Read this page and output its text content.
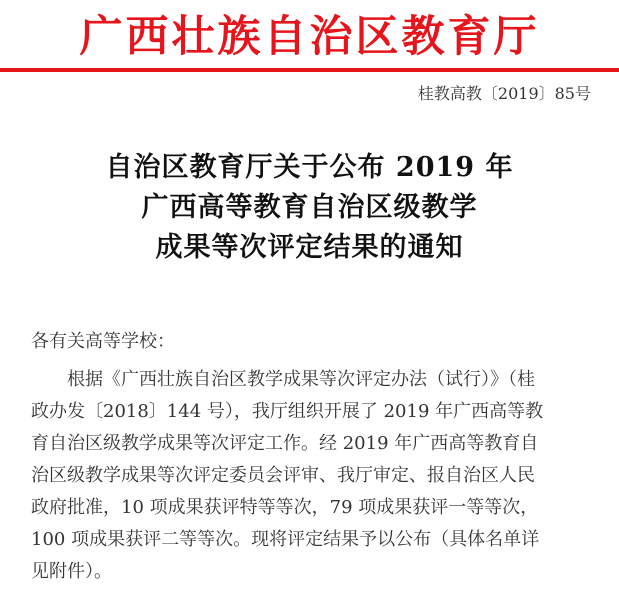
广西壮族自治区教育厅
桂教高教〔2019〕85号
自治区教育厅关于公布 2019 年
广西高等教育自治区级教学
成果等次评定结果的通知
各有关高等学校：
根据《广西壮族自治区教学成果等次评定办法（试行）》（桂
政办发〔2018〕144 号），我厅组织开展了 2019 年广西高等教
育自治区级教学成果等次评定工作。经 2019 年广西高等教育自
治区级教学成果等次评定委员会评审、我厅审定、报自治区人民
政府批准，10 项成果获评特等等次，79 项成果获评一等等次，
100 项成果获评二等等次。现将评定结果予以公布（具体名单详
见附件）。
